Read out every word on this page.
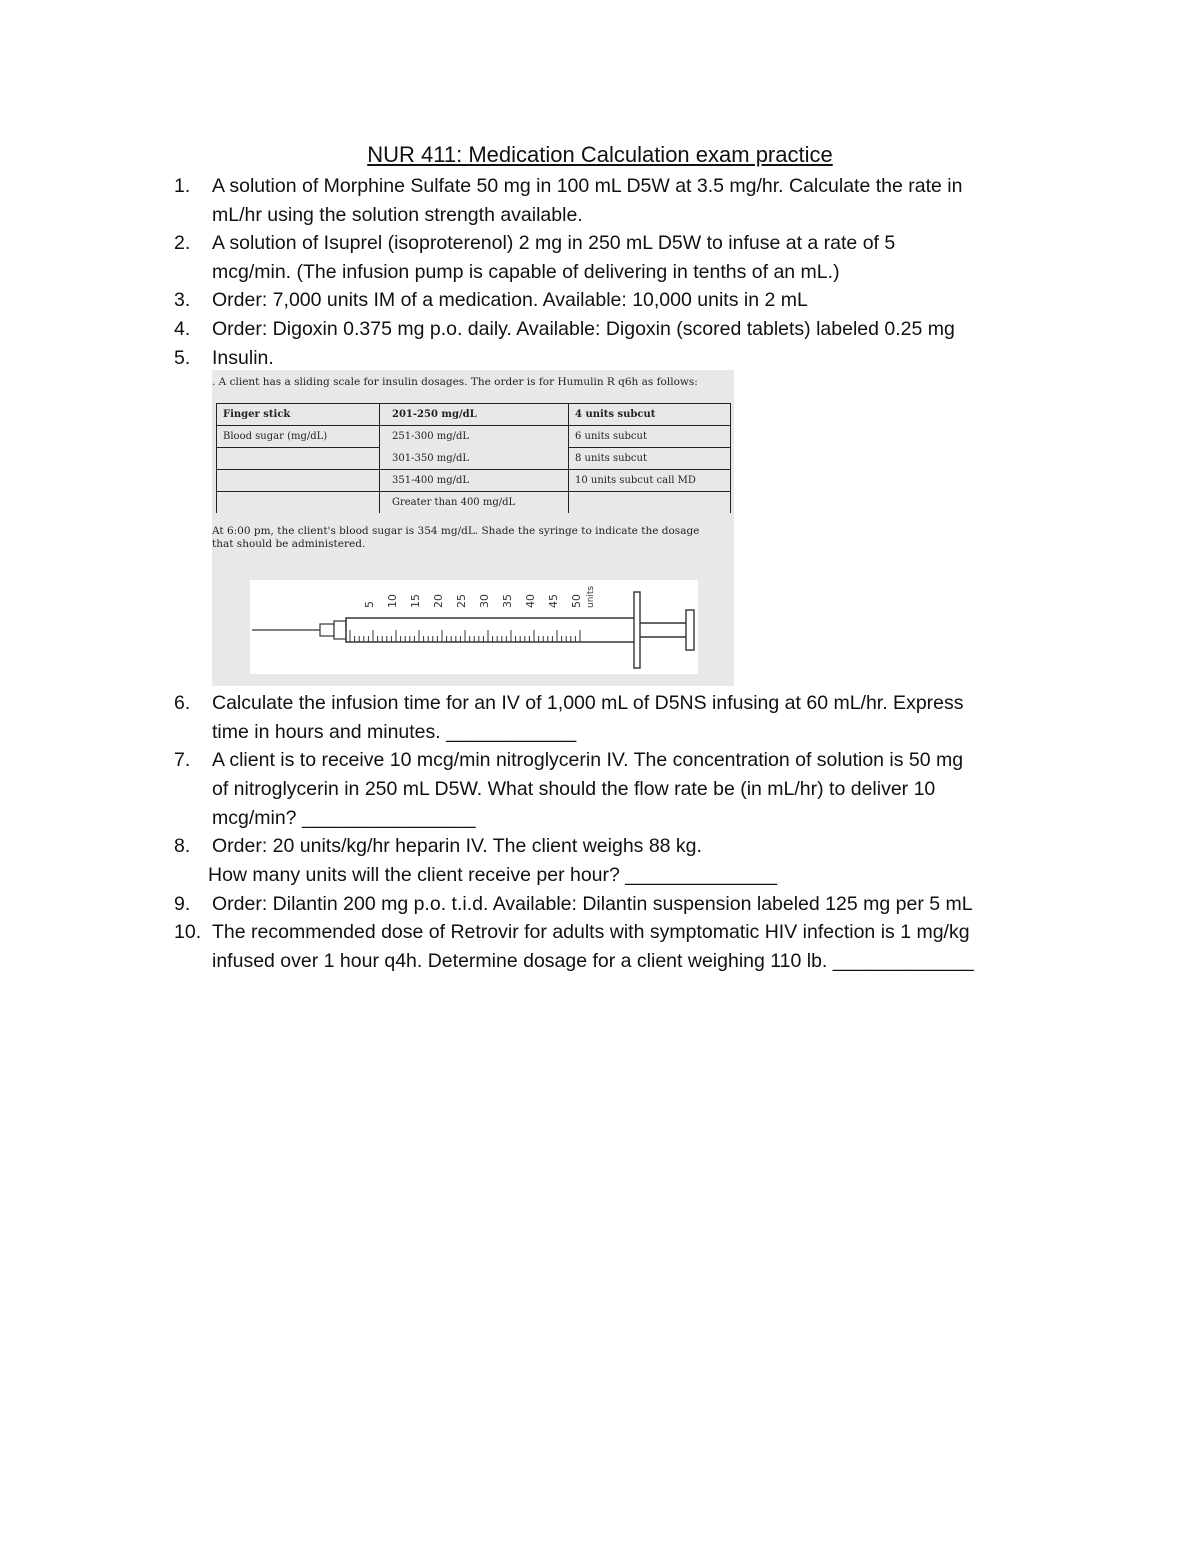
NUR 411: Medication Calculation exam practice
1. A solution of Morphine Sulfate 50 mg in 100 mL D5W at 3.5 mg/hr. Calculate the rate in
mL/hr using the solution strength available.
2. A solution of Isuprel (isoproterenol) 2 mg in 250 mL D5W to infuse at a rate of 5
mcg/min. (The infusion pump is capable of delivering in tenths of an mL.)
3. Order: 7,000 units IM of a medication. Available: 10,000 units in 2 mL
4. Order: Digoxin 0.375 mg p.o. daily. Available: Digoxin (scored tablets) labeled 0.25 mg
5. Insulin.
. A client has a sliding scale for insulin dosages. The order is for Humulin R q6h as follows:
Finger stick	201-250 mg/dL	4 units subcut
Blood sugar (mg/dL)	251-300 mg/dL	6 units subcut
	301-350 mg/dL	8 units subcut
	351-400 mg/dL	10 units subcut call MD
	Greater than 400 mg/dL	
At 6:00 pm, the client's blood sugar is 354 mg/dL. Shade the syringe to indicate the dosage that should be administered.
5 10 15 20 25 30 35 40 45 50 units
6. Calculate the infusion time for an IV of 1,000 mL of D5NS infusing at 60 mL/hr. Express
time in hours and minutes. ____________
7. A client is to receive 10 mcg/min nitroglycerin IV. The concentration of solution is 50 mg
of nitroglycerin in 250 mL D5W. What should the flow rate be (in mL/hr) to deliver 10
mcg/min? ________________
8. Order: 20 units/kg/hr heparin IV. The client weighs 88 kg.
How many units will the client receive per hour? ______________
9. Order: Dilantin 200 mg p.o. t.i.d. Available: Dilantin suspension labeled 125 mg per 5 mL
10. The recommended dose of Retrovir for adults with symptomatic HIV infection is 1 mg/kg
infused over 1 hour q4h. Determine dosage for a client weighing 110 lb. _____________
